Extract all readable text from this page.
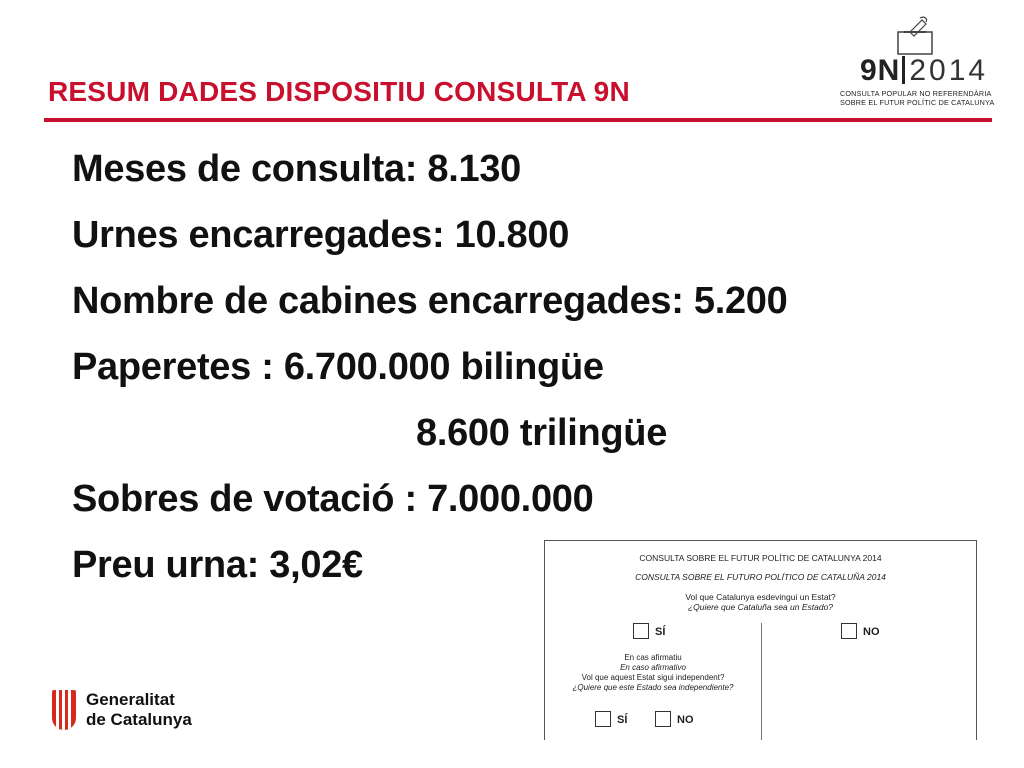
RESUM DADES DISPOSITIU CONSULTA 9N
9N 2014
CONSULTA POPULAR NO REFERENDÀRIA
SOBRE EL FUTUR POLÍTIC DE CATALUNYA
Meses de consulta: 8.130
Urnes encarregades: 10.800
Nombre de cabines encarregades: 5.200
Paperetes : 6.700.000 bilingüe
8.600 trilingüe
Sobres de votació : 7.000.000
Preu urna: 3,02€
Generalitat
de Catalunya
CONSULTA SOBRE EL FUTUR POLÍTIC DE CATALUNYA 2014
CONSULTA SOBRE EL FUTURO POLÍTICO DE CATALUÑA 2014
Vol que Catalunya esdevingui un Estat?
¿Quiere que Cataluña sea un Estado?
SÍ	NO
En cas afirmatiu
En caso afirmativo
Vol que aquest Estat sigui independent?
¿Quiere que este Estado sea independiente?
SÍ	NO
